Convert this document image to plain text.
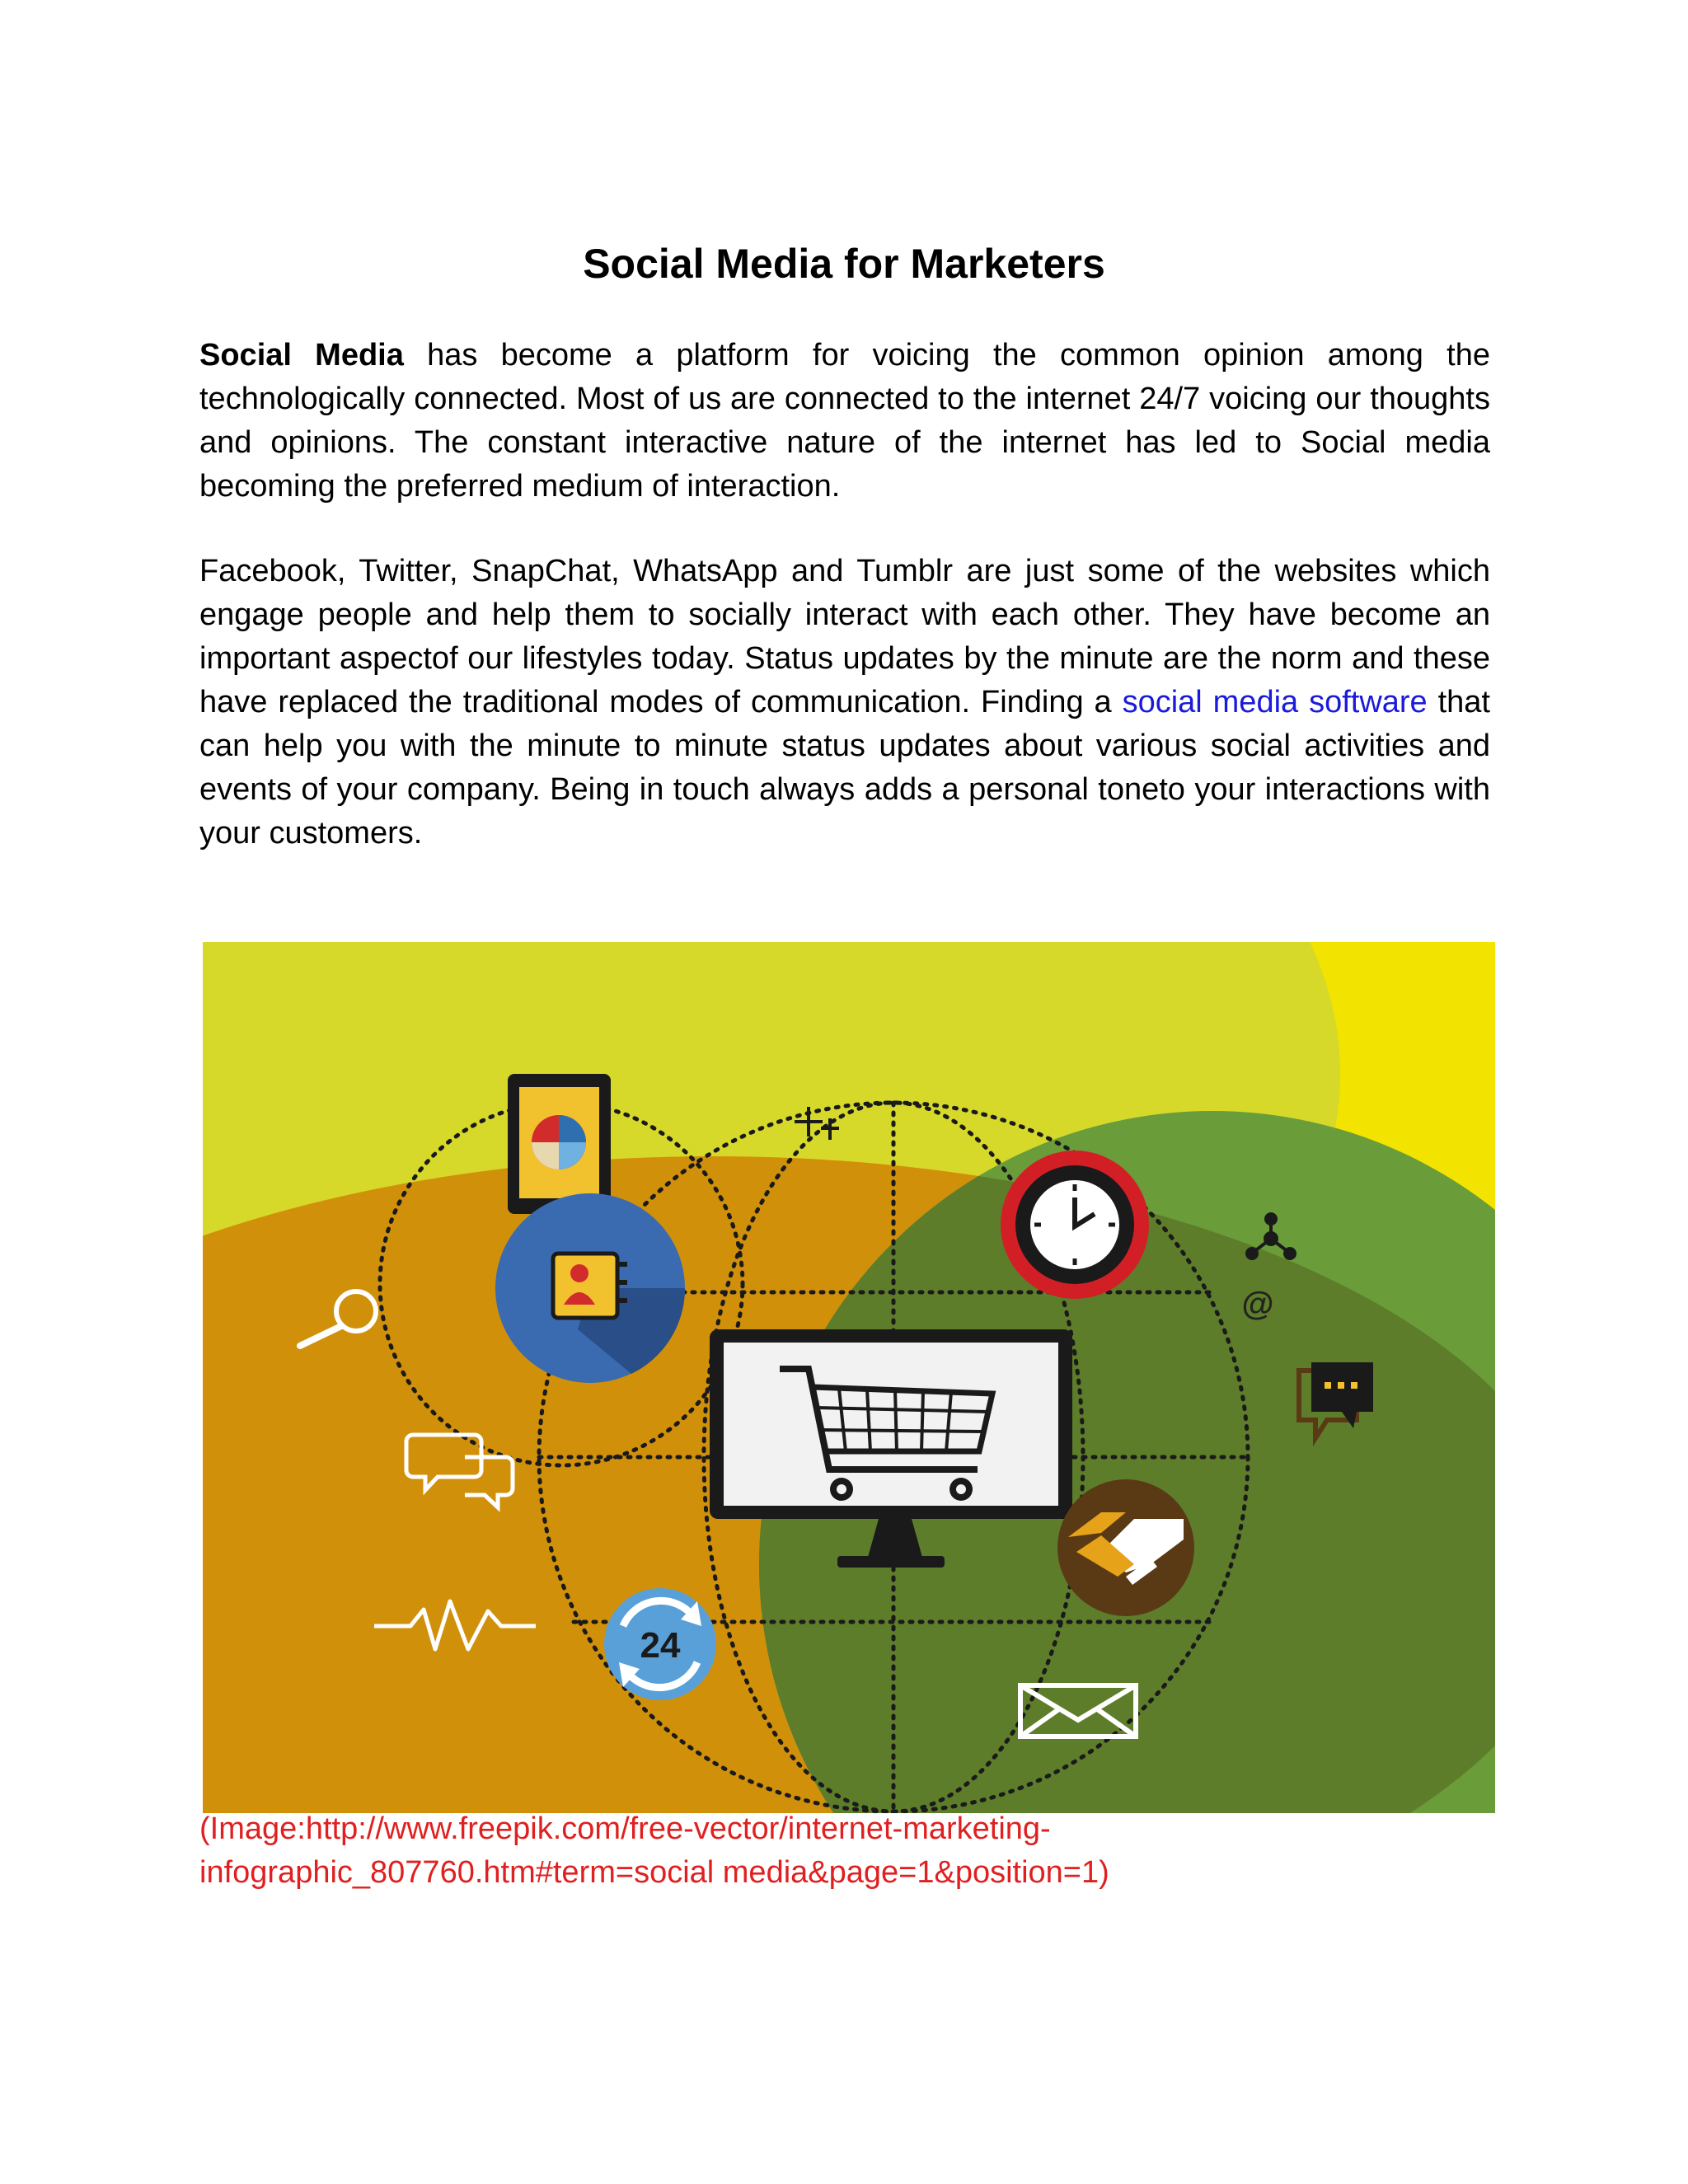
Social Media for Marketers

Social Media has become a platform for voicing the common opinion among the technologically connected. Most of us are connected to the internet 24/7 voicing our thoughts and opinions. The constant interactive nature of the internet has led to Social media becoming the preferred medium of interaction.

Facebook, Twitter, SnapChat, WhatsApp and Tumblr are just some of the websites which engage people and help them to socially interact with each other. They have become an important aspectof our lifestyles today. Status updates by the minute are the norm and these have replaced the traditional modes of communication. Finding a social media software that can help you with the minute to minute status updates about various social activities and events of your company. Being in touch always adds a personal toneto your interactions with your customers.

@
24

(Image:http://www.freepik.com/free-vector/internet-marketing-
infographic_807760.htm#term=social media&page=1&position=1)
